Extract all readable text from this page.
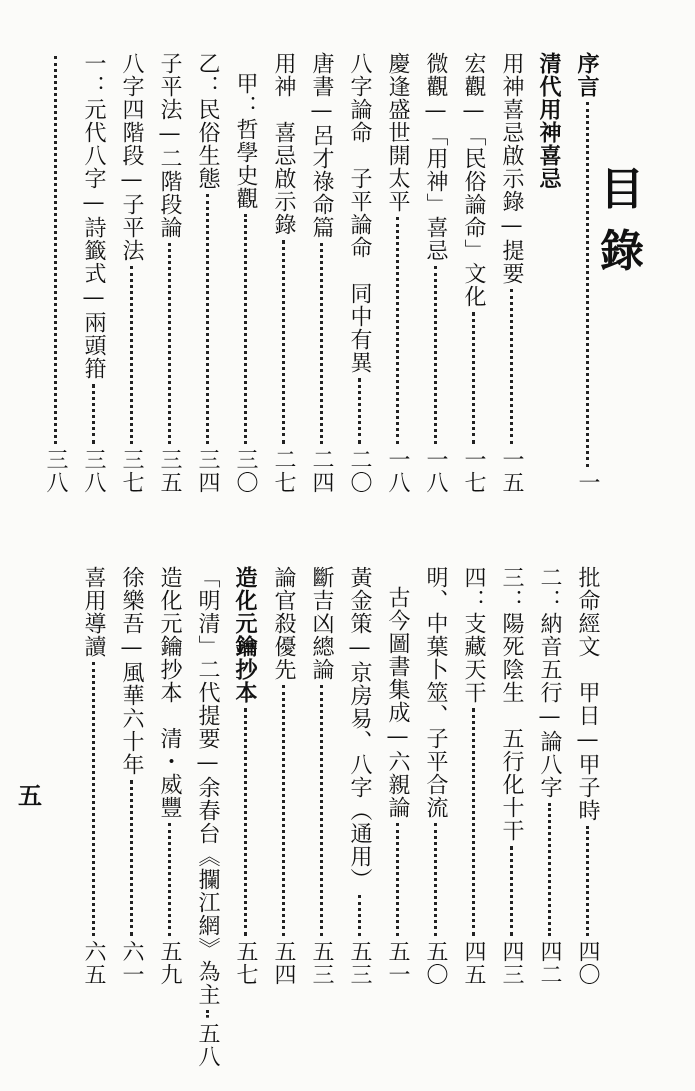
目
錄
序言
一
清代用神喜忌
用神喜忌啟示錄—提要
一五
宏觀—「民俗論命」文化
一七
微觀—「用神」喜忌
一八
慶逢盛世開太平
一八
八字論命　子平論命　同中有異
二〇
唐書—呂才祿命篇
二四
用神　喜忌啟示錄
二七
甲：哲學史觀
三〇
乙：民俗生態
三四
子平法—二階段論
三五
八字四階段—子平法
三七
一：元代八字—詩籤式—兩頭箝
三八
三八
批命經文　甲日—甲子時
四〇
二：納音五行—論八字
四二
三：陽死陰生　五行化十干
四三
四：支藏天干
四五
明、中葉卜筮、子平合流
五〇
古今圖書集成—六親論
五一
黃金策—京房易、八字（通用）
五三
斷吉凶總論
五三
論官殺優先
五四
造化元鑰抄本
五七
「明清」二代提要—余春台《攔江網》為主
五八
造化元鑰抄本　清・威豐
五九
徐樂吾—風華六十年
六一
喜用導讀
六五
五
